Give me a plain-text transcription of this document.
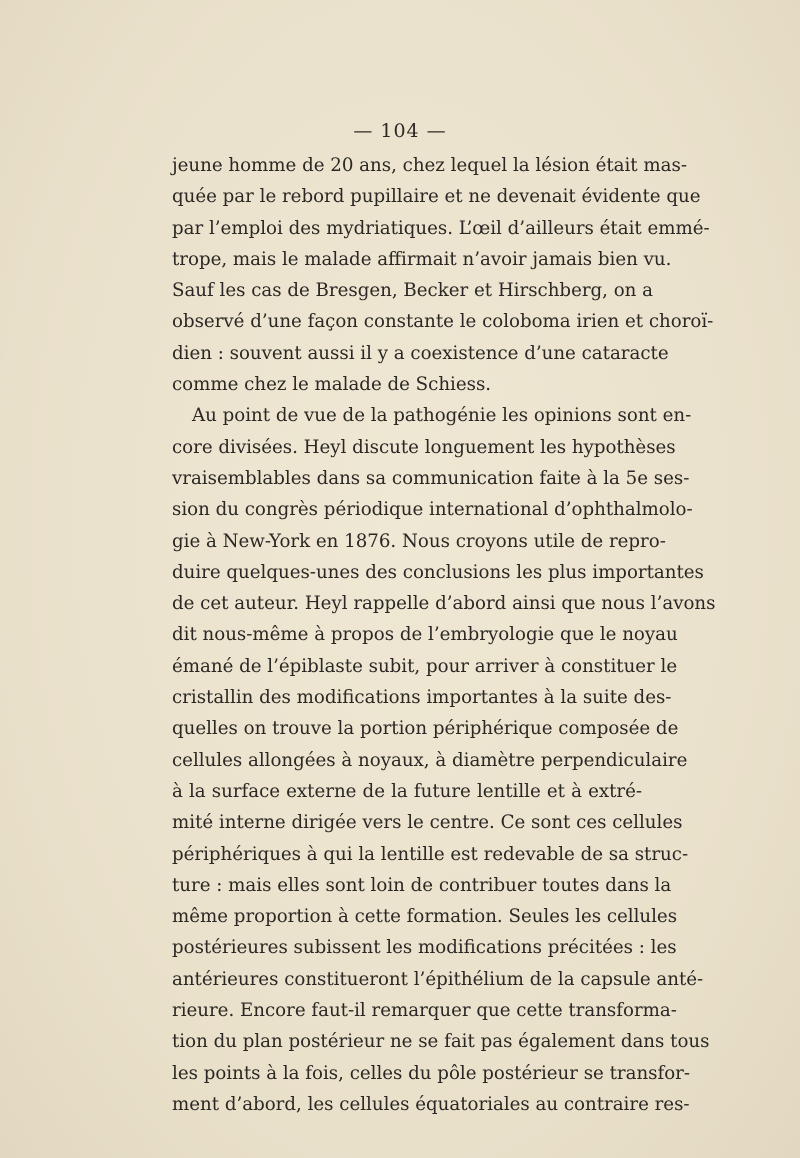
— 104 —
jeune homme de 20 ans, chez lequel la lésion était mas-
quée par le rebord pupillaire et ne devenait évidente que
par l’emploi des mydriatiques. L’œil d’ailleurs était emmé-
trope, mais le malade affirmait n’avoir jamais bien vu.
Sauf les cas de Bresgen, Becker et Hirschberg, on a
observé d’une façon constante le coloboma irien et choroï-
dien : souvent aussi il y a coexistence d’une cataracte
comme chez le malade de Schiess.
Au point de vue de la pathogénie les opinions sont en-
core divisées. Heyl discute longuement les hypothèses
vraisemblables dans sa communication faite à la 5e ses-
sion du congrès périodique international d’ophthalmolo-
gie à New-York en 1876. Nous croyons utile de repro-
duire quelques-unes des conclusions les plus importantes
de cet auteur. Heyl rappelle d’abord ainsi que nous l’avons
dit nous-même à propos de l’embryologie que le noyau
émané de l’épiblaste subit, pour arriver à constituer le
cristallin des modifications importantes à la suite des-
quelles on trouve la portion périphérique composée de
cellules allongées à noyaux, à diamètre perpendiculaire
à la surface externe de la future lentille et à extré-
mité interne dirigée vers le centre. Ce sont ces cellules
périphériques à qui la lentille est redevable de sa struc-
ture : mais elles sont loin de contribuer toutes dans la
même proportion à cette formation. Seules les cellules
postérieures subissent les modifications précitées : les
antérieures constitueront l’épithélium de la capsule anté-
rieure. Encore faut-il remarquer que cette transforma-
tion du plan postérieur ne se fait pas également dans tous
les points à la fois, celles du pôle postérieur se transfor-
ment d’abord, les cellules équatoriales au contraire res-
